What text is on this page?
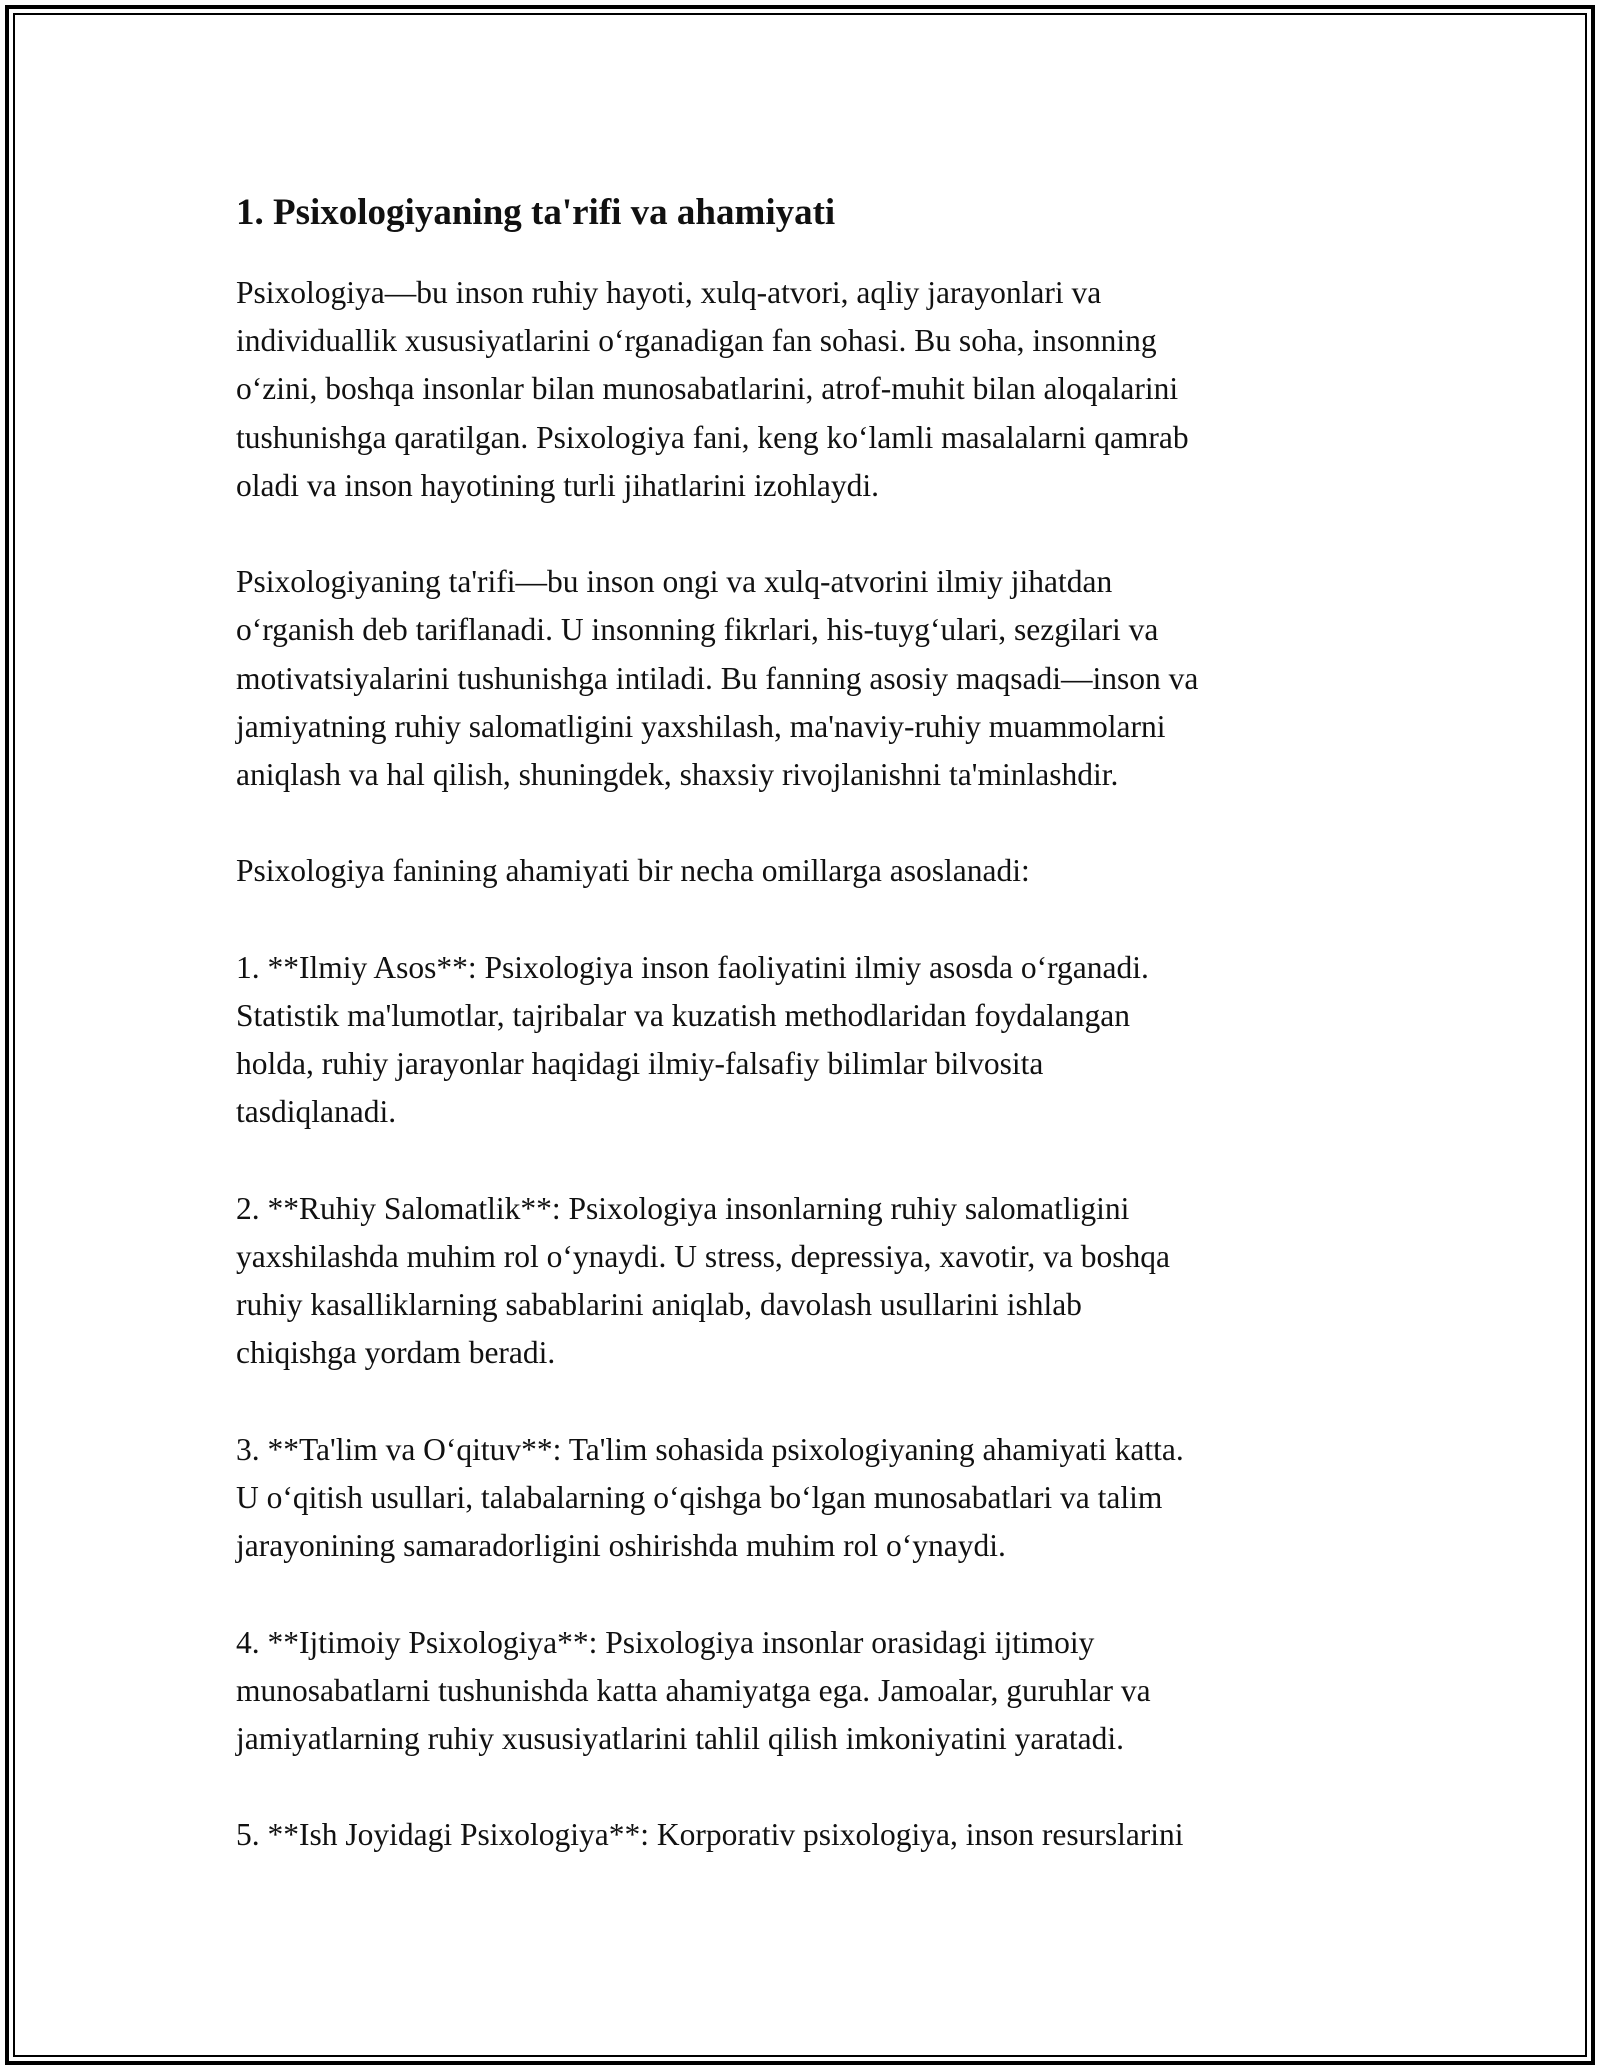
1. Psixologiyaning ta'rifi va ahamiyati

Psixologiya—bu inson ruhiy hayoti, xulq-atvori, aqliy jarayonlari va
individuallik xususiyatlarini o‘rganadigan fan sohasi. Bu soha, insonning
o‘zini, boshqa insonlar bilan munosabatlarini, atrof-muhit bilan aloqalarini
tushunishga qaratilgan. Psixologiya fani, keng ko‘lamli masalalarni qamrab
oladi va inson hayotining turli jihatlarini izohlaydi.

Psixologiyaning ta'rifi—bu inson ongi va xulq-atvorini ilmiy jihatdan
o‘rganish deb tariflanadi. U insonning fikrlari, his-tuyg‘ulari, sezgilari va
motivatsiyalarini tushunishga intiladi. Bu fanning asosiy maqsadi—inson va
jamiyatning ruhiy salomatligini yaxshilash, ma'naviy-ruhiy muammolarni
aniqlash va hal qilish, shuningdek, shaxsiy rivojlanishni ta'minlashdir.

Psixologiya fanining ahamiyati bir necha omillarga asoslanadi:

1. **Ilmiy Asos**: Psixologiya inson faoliyatini ilmiy asosda o‘rganadi.
Statistik ma'lumotlar, tajribalar va kuzatish methodlaridan foydalangan
holda, ruhiy jarayonlar haqidagi ilmiy-falsafiy bilimlar bilvosita
tasdiqlanadi.

2. **Ruhiy Salomatlik**: Psixologiya insonlarning ruhiy salomatligini
yaxshilashda muhim rol o‘ynaydi. U stress, depressiya, xavotir, va boshqa
ruhiy kasalliklarning sabablarini aniqlab, davolash usullarini ishlab
chiqishga yordam beradi.

3. **Ta'lim va O‘qituv**: Ta'lim sohasida psixologiyaning ahamiyati katta.
U o‘qitish usullari, talabalarning o‘qishga bo‘lgan munosabatlari va talim
jarayonining samaradorligini oshirishda muhim rol o‘ynaydi.

4. **Ijtimoiy Psixologiya**: Psixologiya insonlar orasidagi ijtimoiy
munosabatlarni tushunishda katta ahamiyatga ega. Jamoalar, guruhlar va
jamiyatlarning ruhiy xususiyatlarini tahlil qilish imkoniyatini yaratadi.

5. **Ish Joyidagi Psixologiya**: Korporativ psixologiya, inson resurslarini
